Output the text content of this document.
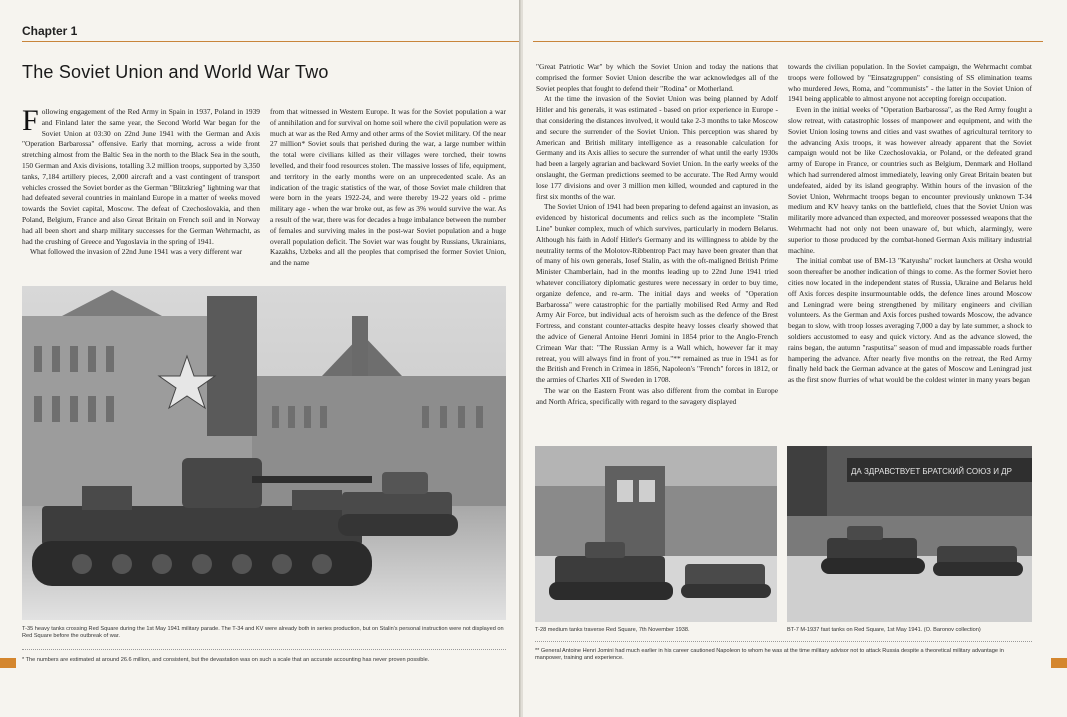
Chapter 1
The Soviet Union and World War Two

Following engagement of the Red Army in Spain in 1937, Poland in 1939 and Finland later the same year, the Second World War began for the Soviet Union at 03:30 on 22nd June 1941 with the German and Axis "Operation Barbarossa" offensive. Early that morning, across a wide front stretching almost from the Baltic Sea in the north to the Black Sea in the south, 150 German and Axis divisions, totalling 3.2 million troops, supported by 3,350 tanks, 7,184 artillery pieces, 2,000 aircraft and a vast contingent of transport vehicles crossed the Soviet border as the German "Blitzkrieg" lightning war that had defeated several countries in mainland Europe in a matter of weeks moved towards the Soviet capital, Moscow. The defeat of Czechoslovakia, and then Poland, Belgium, France and also Great Britain on French soil and in Norway had all been short and sharp military successes for the German Wehrmacht, as had the crushing of Greece and Yugoslavia in the spring of 1941.

What followed the invasion of 22nd June 1941 was a very different war

from that witnessed in Western Europe. It was for the Soviet population a war of annihilation and for survival on home soil where the civil population were as much at war as the Red Army and other arms of the Soviet military. Of the near 27 million* Soviet souls that perished during the war, a large number within the total were civilians killed as their villages were torched, their towns levelled, and their food resources stolen. The massive losses of life, equipment, and territory in the early months were on an unprecedented scale. As an indication of the tragic statistics of the war, of those Soviet male children that were born in the years 1922-24, and were thereby 19-22 years old - prime military age - when the war broke out, as few as 3% would survive the war. As a result of the war, there was for decades a huge imbalance between the number of females and surviving males in the post-war Soviet population and a huge overall population deficit. The Soviet war was fought by Russians, Ukrainians, Kazakhs, Uzbeks and all the peoples that comprised the former Soviet Union, and the name

T-35 heavy tanks crossing Red Square during the 1st May 1941 military parade. The T-34 and KV were already both in series production, but on Stalin's personal instruction were not displayed on Red Square before the outbreak of war.
* The numbers are estimated at around 26.6 million, and consistent, but the devastation was on such a scale that an accurate accounting has never proven possible.

"Great Patriotic War" by which the Soviet Union and today the nations that comprised the former Soviet Union describe the war acknowledges all of the Soviet peoples that fought to defend their "Rodina" or Motherland.

At the time the invasion of the Soviet Union was being planned by Adolf Hitler and his generals, it was estimated - based on prior experience in Europe - that considering the distances involved, it would take 2-3 months to take Moscow and secure the surrender of the Soviet Union. This perception was shared by American and British military intelligence as a reasonable calculation for Germany and its Axis allies to secure the surrender of what until the early 1930s had been a largely agrarian and backward Soviet Union. In the early weeks of the onslaught, the German predictions seemed to be accurate. The Red Army would lose 177 divisions and over 3 million men killed, wounded and captured in the first six months of the war.

The Soviet Union of 1941 had been preparing to defend against an invasion, as evidenced by historical documents and relics such as the incomplete "Stalin Line" bunker complex, much of which survives, particularly in modern Belarus. Although his faith in Adolf Hitler's Germany and its willingness to abide by the neutrality terms of the Molotov-Ribbentrop Pact may have been greater than that of many of his own generals, Iosef Stalin, as with the oft-maligned British Prime Minister Chamberlain, had in the months leading up to 22nd June 1941 tried whatever conciliatory diplomatic gestures were necessary in order to buy time, organize defence, and re-arm. The initial days and weeks of "Operation Barbarossa" were catastrophic for the partially mobilised Red Army and Red Army Air Force, but individual acts of heroism such as the defence of the Brest Fortress, and constant counter-attacks despite heavy losses clearly showed that the advice of General Antoine Henri Jomini in 1854 prior to the Anglo-French Crimean War that: "The Russian Army is a Wall which, however far it may retreat, you will always find in front of you."** remained as true in 1941 as for the British and French in Crimea in 1856, Napoleon's "French" forces in 1812, or the armies of Charles XII of Sweden in 1708.

The war on the Eastern Front was also different from the combat in Europe and North Africa, specifically with regard to the savagery displayed

towards the civilian population. In the Soviet campaign, the Wehrmacht combat troops were followed by "Einsatzgruppen" consisting of SS elimination teams who murdered Jews, Roma, and "communists" - the latter in the Soviet Union of 1941 being applicable to almost anyone not accepting foreign occupation.

Even in the initial weeks of "Operation Barbarossa", as the Red Army fought a slow retreat, with catastrophic losses of manpower and equipment, and with the Soviet Union losing towns and cities and vast swathes of agricultural territory to the advancing Axis troops, it was however already apparent that the Soviet campaign would not be like Czechoslovakia, or Poland, or the defeated grand army of Europe in France, or countries such as Belgium, Denmark and Holland which had surrendered almost immediately, leaving only Great Britain beaten but undefeated, aided by its island geography. Within hours of the invasion of the Soviet Union, Wehrmacht troops began to encounter previously unknown T-34 medium and KV heavy tanks on the battlefield, clues that the Soviet Union was militarily more advanced than expected, and moreover possessed weapons that the Wehrmacht had not only not been unaware of, but which, alarmingly, were superior to those produced by the combat-honed German Axis military industrial machine.

The initial combat use of BM-13 "Katyusha" rocket launchers at Orsha would soon thereafter be another indication of things to come. As the former Soviet hero cities now located in the independent states of Russia, Ukraine and Belarus held off Axis forces despite insurmountable odds, the defence lines around Moscow and Leningrad were being strengthened by military engineers and civilian volunteers. As the German and Axis forces pushed towards Moscow, the advance began to slow, with troop losses averaging 7,000 a day by late summer, a shock to soldiers accustomed to easy and quick victory. And as the advance slowed, the rains began, the autumn "rasputitsa" season of mud and impassable roads further hampering the advance. After nearly five months on the retreat, the Red Army finally held back the German advance at the gates of Moscow and Leningrad just as the first snow flurries of what would be the coldest winter in many years began

T-28 medium tanks traverse Red Square, 7th November 1938.
ДА ЗДРАВСТВУЕТ БРАТСКИЙ СОЮЗ И ДР
BT-7 M-1937 fast tanks on Red Square, 1st May 1941. (O. Baronov collection)
** General Antoine Henri Jomini had much earlier in his career cautioned Napoleon to whom he was at the time military advisor not to attack Russia despite a theoretical military advantage in manpower, training and experience.
